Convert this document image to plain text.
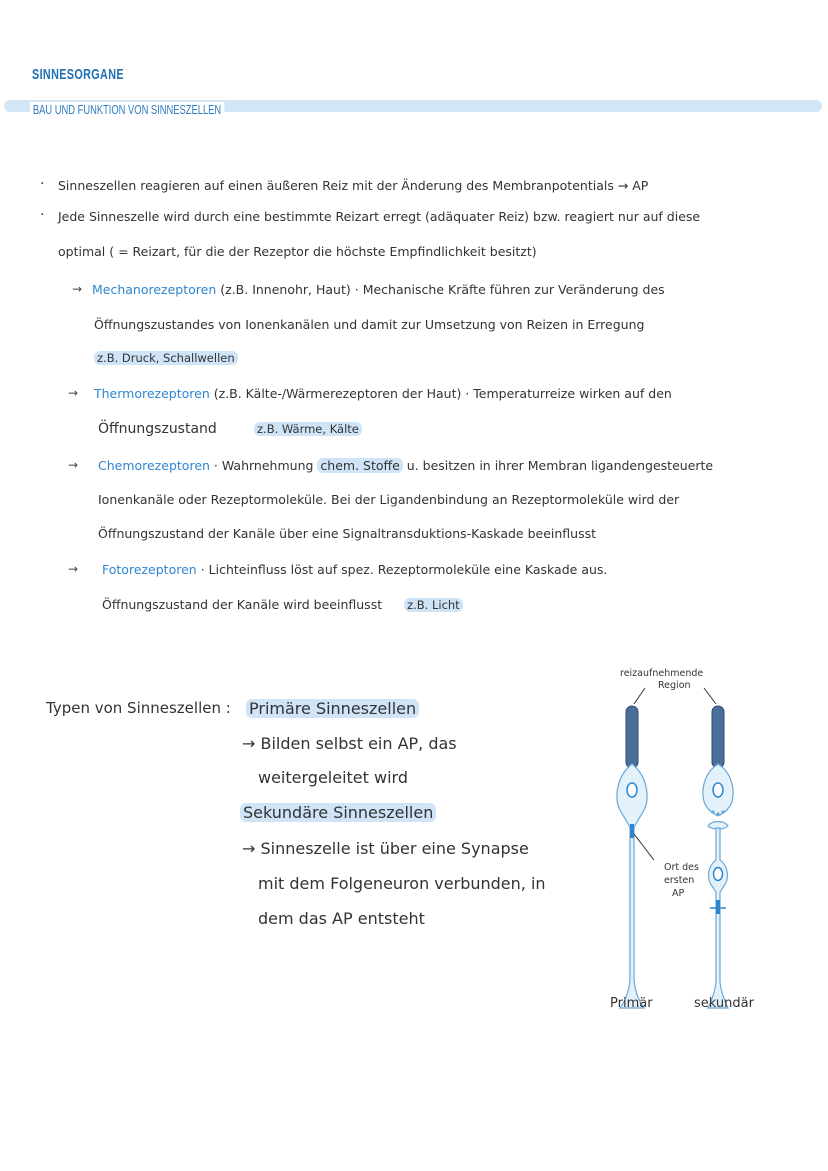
SINNESORGANE
BAU UND FUNKTION VON SINNESZELLEN
· Sinneszellen reagieren auf einen äußeren Reiz mit der Änderung des Membranpotentials → AP
· Jede Sinneszelle wird durch eine bestimmte Reizart erregt (adäquater Reiz) bzw. reagiert nur auf diese
optimal ( = Reizart, für die der Rezeptor die höchste Empfindlichkeit besitzt)
→ Mechanorezeptoren (z.B. Innenohr, Haut) · Mechanische Kräfte führen zur Veränderung des
Öffnungszustandes von Ionenkanälen und damit zur Umsetzung von Reizen in Erregung
z.B. Druck, Schallwellen
→ Thermorezeptoren (z.B. Kälte-/Wärmerezeptoren der Haut) · Temperaturreize wirken auf den
Öffnungszustand	z.B. Wärme, Kälte
→ Chemorezeptoren · Wahrnehmung chem. Stoffe u. besitzen in ihrer Membran ligandengesteuerte
Ionenkanäle oder Rezeptormoleküle. Bei der Ligandenbindung an Rezeptormoleküle wird der
Öffnungszustand der Kanäle über eine Signaltransduktions-Kaskade beeinflusst
→ Fotorezeptoren · Lichteinfluss löst auf spez. Rezeptormoleküle eine Kaskade aus.
Öffnungszustand der Kanäle wird beeinflusst z.B. Licht
Typen von Sinneszellen : Primäre Sinneszellen
→ Bilden selbst ein AP, das
weitergeleitet wird
Sekundäre Sinneszellen
→ Sinneszelle ist über eine Synapse
mit dem Folgeneuron verbunden, in
dem das AP entsteht
reizaufnehmende
Region
Ort des
ersten
AP
Primär	sekundär
